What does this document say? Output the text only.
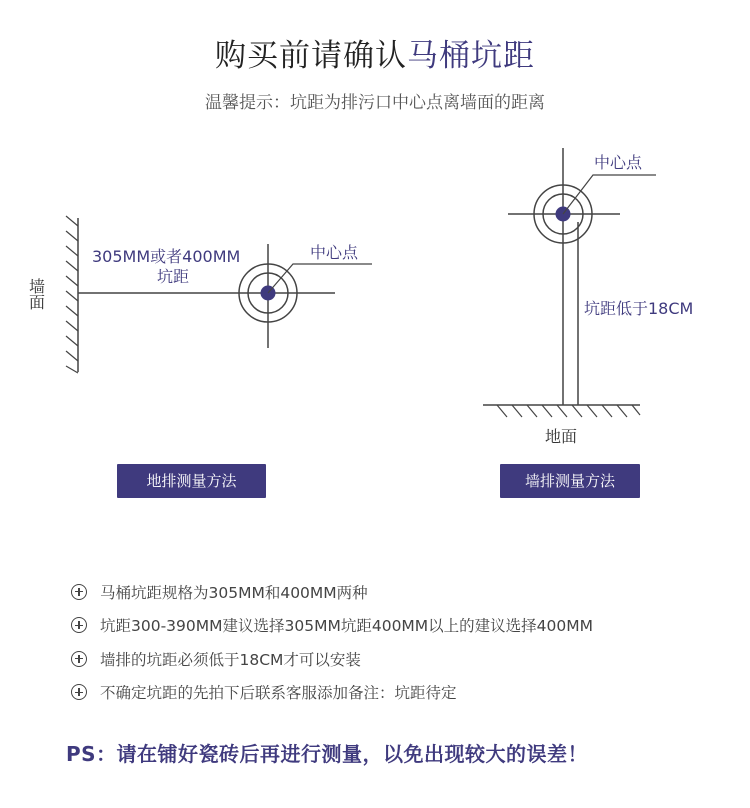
购买前请确认马桶坑距
温馨提示：坑距为排污口中心点离墙面的距离
墙面
中心点
305MM或者400MM
坑距
中心点
坑距低于18CM
地面
地排测量方法	墙排测量方法
马桶坑距规格为305MM和400MM两种
坑距300-390MM建议选择305MM坑距400MM以上的建议选择400MM
墙排的坑距必须低于18CM才可以安装
不确定坑距的先拍下后联系客服添加备注：坑距待定
PS：请在铺好瓷砖后再进行测量，以免出现较大的误差！
